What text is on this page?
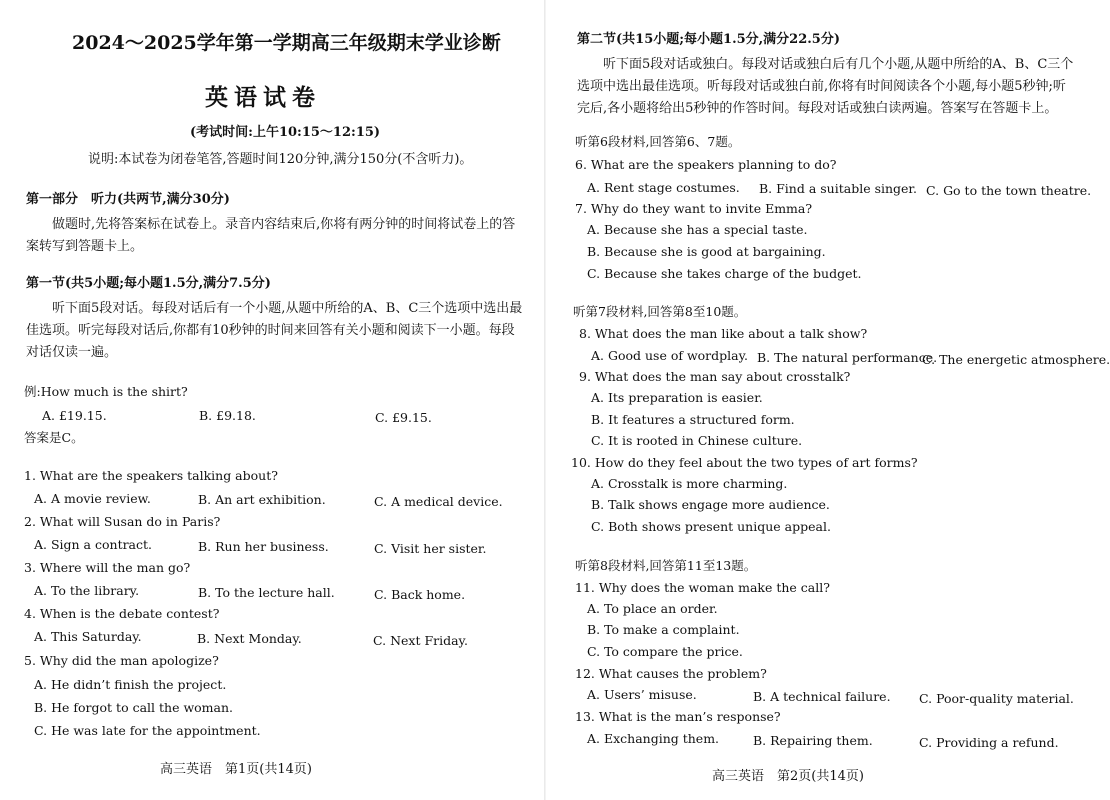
2024～2025学年第一学期高三年级期末学业诊断
英语试卷
(考试时间:上午10:15～12:15)
说明:本试卷为闭卷笔答,答题时间120分钟,满分150分(不含听力)。
第一部分　听力(共两节,满分30分)
做题时,先将答案标在试卷上。录音内容结束后,你将有两分钟的时间将试卷上的答案转写到答题卡上。
第一节(共5小题;每小题1.5分,满分7.5分)
听下面5段对话。每段对话后有一个小题,从题中所给的A、B、C三个选项中选出最佳选项。听完每段对话后,你都有10秒钟的时间来回答有关小题和阅读下一小题。每段对话仅读一遍。
例:How much is the shirt?
A. £19.15.	B. £9.18.	C. £9.15.
答案是C。
1. What are the speakers talking about?
A. A movie review.	B. An art exhibition.	C. A medical device.
2. What will Susan do in Paris?
A. Sign a contract.	B. Run her business.	C. Visit her sister.
3. Where will the man go?
A. To the library.	B. To the lecture hall.	C. Back home.
4. When is the debate contest?
A. This Saturday.	B. Next Monday.	C. Next Friday.
5. Why did the man apologize?
A. He didn’t finish the project.
B. He forgot to call the woman.
C. He was late for the appointment.
高三英语　第1页(共14页)
第二节(共15小题;每小题1.5分,满分22.5分)
听下面5段对话或独白。每段对话或独白后有几个小题,从题中所给的A、B、C三个选项中选出最佳选项。听每段对话或独白前,你将有时间阅读各个小题,每小题5秒钟;听完后,各小题将给出5秒钟的作答时间。每段对话或独白读两遍。答案写在答题卡上。
听第6段材料,回答第6、7题。
6. What are the speakers planning to do?
A. Rent stage costumes. B. Find a suitable singer. C. Go to the town theatre.
7. Why do they want to invite Emma?
A. Because she has a special taste.
B. Because she is good at bargaining.
C. Because she takes charge of the budget.
听第7段材料,回答第8至10题。
8. What does the man like about a talk show?
A. Good use of wordplay. B. The natural performance.
C. The energetic atmosphere.
9. What does the man say about crosstalk?
A. Its preparation is easier.
B. It features a structured form.
C. It is rooted in Chinese culture.
10. How do they feel about the two types of art forms?
A. Crosstalk is more charming.
B. Talk shows engage more audience.
C. Both shows present unique appeal.
听第8段材料,回答第11至13题。
11. Why does the woman make the call?
A. To place an order.
B. To make a complaint.
C. To compare the price.
12. What causes the problem?
A. Users’ misuse.	B. A technical failure. C. Poor-quality material.
13. What is the man’s response?
A. Exchanging them.	B. Repairing them.	C. Providing a refund.
高三英语　第2页(共14页)
